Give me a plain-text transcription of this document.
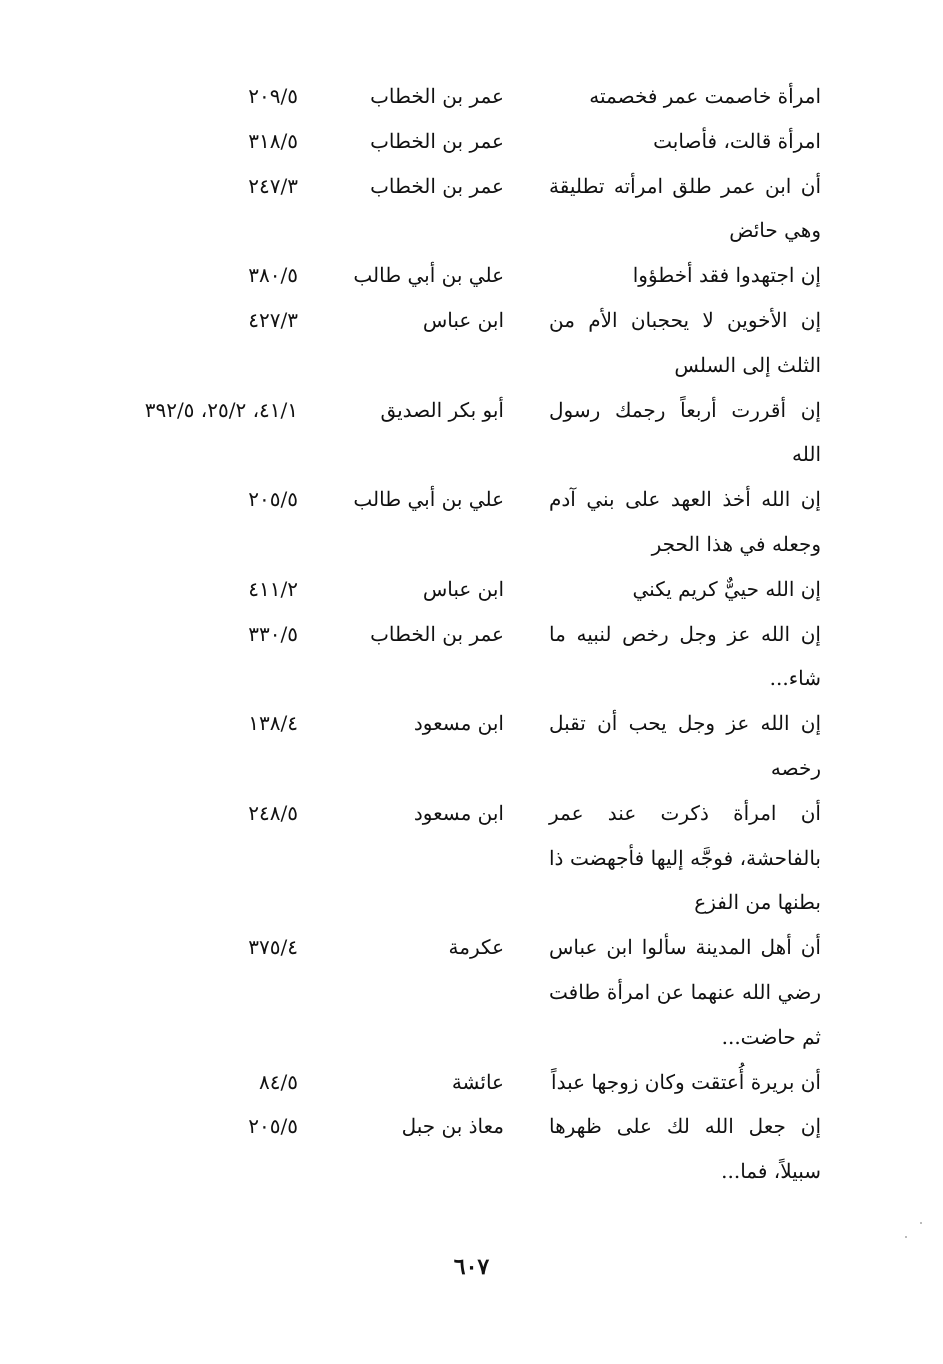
امرأة خاصمت عمر فخصمته
عمر بن الخطاب
٢٠٩/٥
امرأة قالت، فأصابت
عمر بن الخطاب
٣١٨/٥
أن ابن عمر طلق امرأته تطليقة وهي حائض
عمر بن الخطاب
٢٤٧/٣
إن اجتهدوا فقد أخطؤوا
علي بن أبي طالب
٣٨٠/٥
إن الأخوين لا يحجبان الأم من الثلث إلى السلس
ابن عباس
٤٢٧/٣
إن أقررت أربعاً رجمك رسول الله
أبو بكر الصديق
٤١/١، ٢٥/٢، ٣٩٢/٥
إن الله أخذ العهد على بني آدم وجعله في هذا الحجر
علي بن أبي طالب
٢٠٥/٥
إن الله حييٌّ كريم يكني
ابن عباس
٤١١/٢
إن الله عز وجل رخص لنبيه ما شاء...
عمر بن الخطاب
٣٣٠/٥
إن الله عز وجل يحب أن تقبل رخصه
ابن مسعود
١٣٨/٤
أن امرأة ذكرت عند عمر بالفاحشة، فوجَّه إليها فأجهضت ذا بطنها من الفزع
ابن مسعود
٢٤٨/٥
أن أهل المدينة سألوا ابن عباس رضي الله عنهما عن امرأة طافت ثم حاضت...
عكرمة
٣٧٥/٤
أن بريرة أُعتقت وكان زوجها عبداً
عائشة
٨٤/٥
إن جعل الله لك على ظهرها سبيلاً، فما...
معاذ بن جبل
٢٠٥/٥
٦٠٧
